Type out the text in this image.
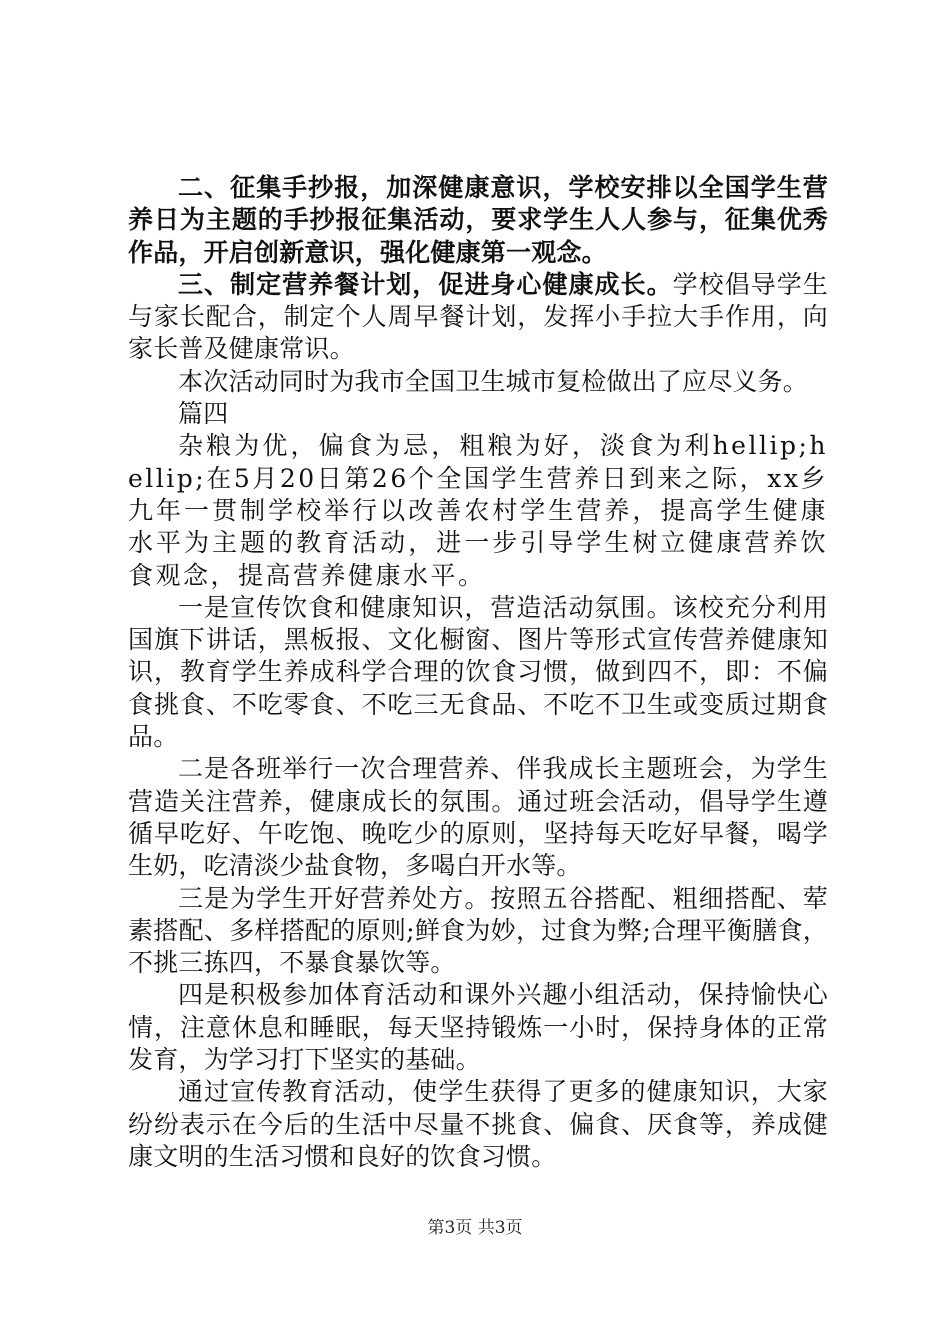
二、征集手抄报，加深健康意识，学校安排以全国学生营养日为主题的手抄报征集活动，要求学生人人参与，征集优秀作品，开启创新意识，强化健康第一观念。

三、制定营养餐计划，促进身心健康成长。学校倡导学生与家长配合，制定个人周早餐计划，发挥小手拉大手作用，向家长普及健康常识。

本次活动同时为我市全国卫生城市复检做出了应尽义务。

篇四

杂粮为优，偏食为忌，粗粮为好，淡食为利hellip;hellip;在5月20日第26个全国学生营养日到来之际，xx乡九年一贯制学校举行以改善农村学生营养，提高学生健康水平为主题的教育活动，进一步引导学生树立健康营养饮食观念，提高营养健康水平。

一是宣传饮食和健康知识，营造活动氛围。该校充分利用国旗下讲话，黑板报、文化橱窗、图片等形式宣传营养健康知识，教育学生养成科学合理的饮食习惯，做到四不，即：不偏食挑食、不吃零食、不吃三无食品、不吃不卫生或变质过期食品。

二是各班举行一次合理营养、伴我成长主题班会，为学生营造关注营养，健康成长的氛围。通过班会活动，倡导学生遵循早吃好、午吃饱、晚吃少的原则，坚持每天吃好早餐，喝学生奶，吃清淡少盐食物，多喝白开水等。

三是为学生开好营养处方。按照五谷搭配、粗细搭配、荤素搭配、多样搭配的原则;鲜食为妙，过食为弊;合理平衡膳食，不挑三拣四，不暴食暴饮等。

四是积极参加体育活动和课外兴趣小组活动，保持愉快心情，注意休息和睡眠，每天坚持锻炼一小时，保持身体的正常发育，为学习打下坚实的基础。

通过宣传教育活动，使学生获得了更多的健康知识，大家纷纷表示在今后的生活中尽量不挑食、偏食、厌食等，养成健康文明的生活习惯和良好的饮食习惯。

第3页 共3页
